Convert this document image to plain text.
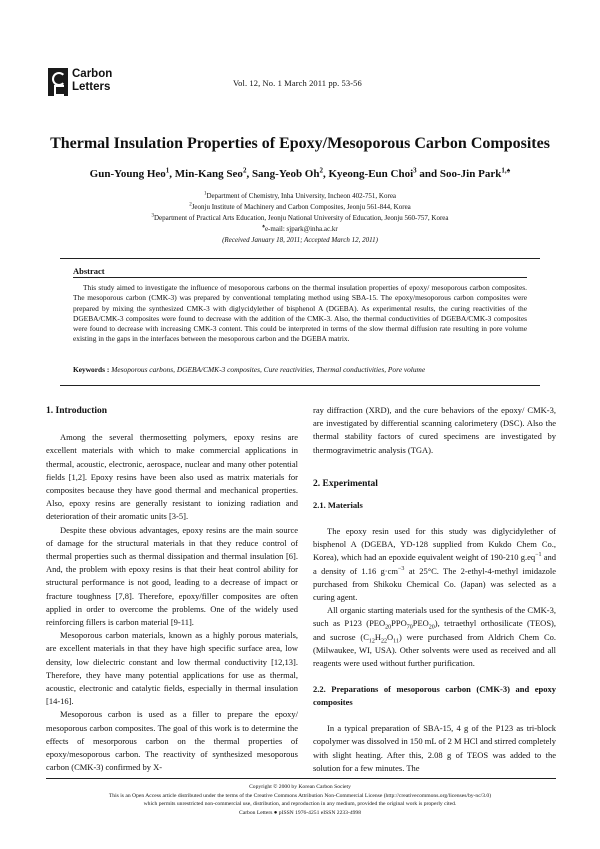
Carbon
Letters	Vol. 12, No. 1 March 2011 pp. 53-56
Thermal Insulation Properties of Epoxy/Mesoporous Carbon Composites
Gun-Young Heo$^1$, Min-Kang Seo$^2$, Sang-Yeob Oh$^2$, Kyeong-Eun Choi$^3$ and Soo-Jin Park$^{1,♠}$
$^1$Department of Chemistry, Inha University, Incheon 402-751, Korea
$^2$Jeonju Institute of Machinery and Carbon Composites, Jeonju 561-844, Korea
$^3$Department of Practical Arts Education, Jeonju National University of Education, Jeonju 560-757, Korea
♠e-mail: sjpark@inha.ac.kr
(Received January 18, 2011; Accepted March 12, 2011)
Abstract
This study aimed to investigate the influence of mesoporous carbons on the thermal insulation properties of epoxy/ mesoporous carbon composites. The mesoporous carbon (CMK-3) was prepared by conventional templating method using SBA-15. The epoxy/mesoporous carbon composites were prepared by mixing the synthesized CMK-3 with diglycidylether of bisphenol A (DGEBA). As experimental results, the curing reactivities of the DGEBA/CMK-3 composites were found to decrease with the addition of the CMK-3. Also, the thermal conductivities of DGEBA/CMK-3 composites were found to decrease with increasing CMK-3 content. This could be interpreted in terms of the slow thermal diffusion rate resulting in pore volume existing in the gaps in the interfaces between the mesoporous carbon and the DGEBA matrix.
Keywords : Mesoporous carbons, DGEBA/CMK-3 composites, Cure reactivities, Thermal conductivities, Pore volume

1. Introduction

Among the several thermosetting polymers, epoxy resins are excellent materials with which to make commercial applications in thermal, acoustic, electronic, aerospace, nuclear and many other potential fields [1,2]. Epoxy resins have been also used as matrix materials for composites because they have good thermal and mechanical properties. Also, epoxy resins are generally resistant to ionizing radiation and deterioration of their aromatic units [3-5].

Despite these obvious advantages, epoxy resins are the main source of damage for the structural materials in that they reduce control of thermal properties such as thermal dissipation and thermal insulation [6]. And, the problem with epoxy resins is that their heat control ability for structural performance is not good, leading to a decrease of impact or fracture toughness [7,8]. Therefore, epoxy/filler composites are often applied in order to overcome the problems. One of the widely used reinforcing fillers is carbon material [9-11].

Mesoporous carbon materials, known as a highly porous materials, are excellent materials in that they have high specific surface area, low density, low dielectric constant and low thermal conductivity [12,13]. Therefore, they have many potential applications for use as thermal, acoustic, electronic and catalytic fields, especially in thermal insulation [14-16].

Mesoporous carbon is used as a filler to prepare the epoxy/ mesoporous carbon composites. The goal of this work is to determine the effects of mesorporous carbon on the thermal properties of epoxy/mesoporous carbon. The reactivity of synthesized mesoporous carbon (CMK-3) confirmed by X-

ray diffraction (XRD), and the cure behaviors of the epoxy/ CMK-3, are investigated by differential scanning calorimetery (DSC). Also the thermal stability factors of cured specimens are investigated by thermogravimetric analysis (TGA).

2. Experimental

2.1. Materials

The epoxy resin used for this study was diglycidylether of bisphenol A (DGEBA, YD-128 supplied from Kukdo Chem Co., Korea), which had an epoxide equivalent weight of 190-210 $g.eq^{-1}$ and a density of 1.16 $g\cdot cm^{-3}$ at 25°C. The 2-ethyl-4-methyl imidazole purchased from Shikoku Chemical Co. (Japan) was selected as a curing agent.

All organic starting materials used for the synthesis of the CMK-3, such as P123 $(PEO_{20}PPO_{70}PEO_{20})$, tetraethyl orthosilicate (TEOS), and sucrose $(C_{12}H_{22}O_{11})$ were purchased from Aldrich Chem Co. (Milwaukee, WI, USA). Other solvents were used as received and all reagents were used without further purification.

2.2. Preparations of mesoporous carbon (CMK-3) and epoxy composites

In a typical preparation of SBA-15, 4 g of the P123 as tri-block copolymer was dissolved in 150 mL of 2 M HCl and stirred completely with slight heating. After this, 2.08 g of TEOS was added to the solution for a few minutes. The

Copyright © 2000 by Korean Carbon Society
This is an Open Access article distributed under the terms of the Creative Commons Attribution Non-Commercial License (http://creativecommons.org/licenses/by-nc/3.0)
which permits unrestricted non-commercial use, distribution, and reproduction in any medium, provided the original work is properly cited.
Carbon Letters ● pISSN 1976-4251 eISSN 2233-4998
